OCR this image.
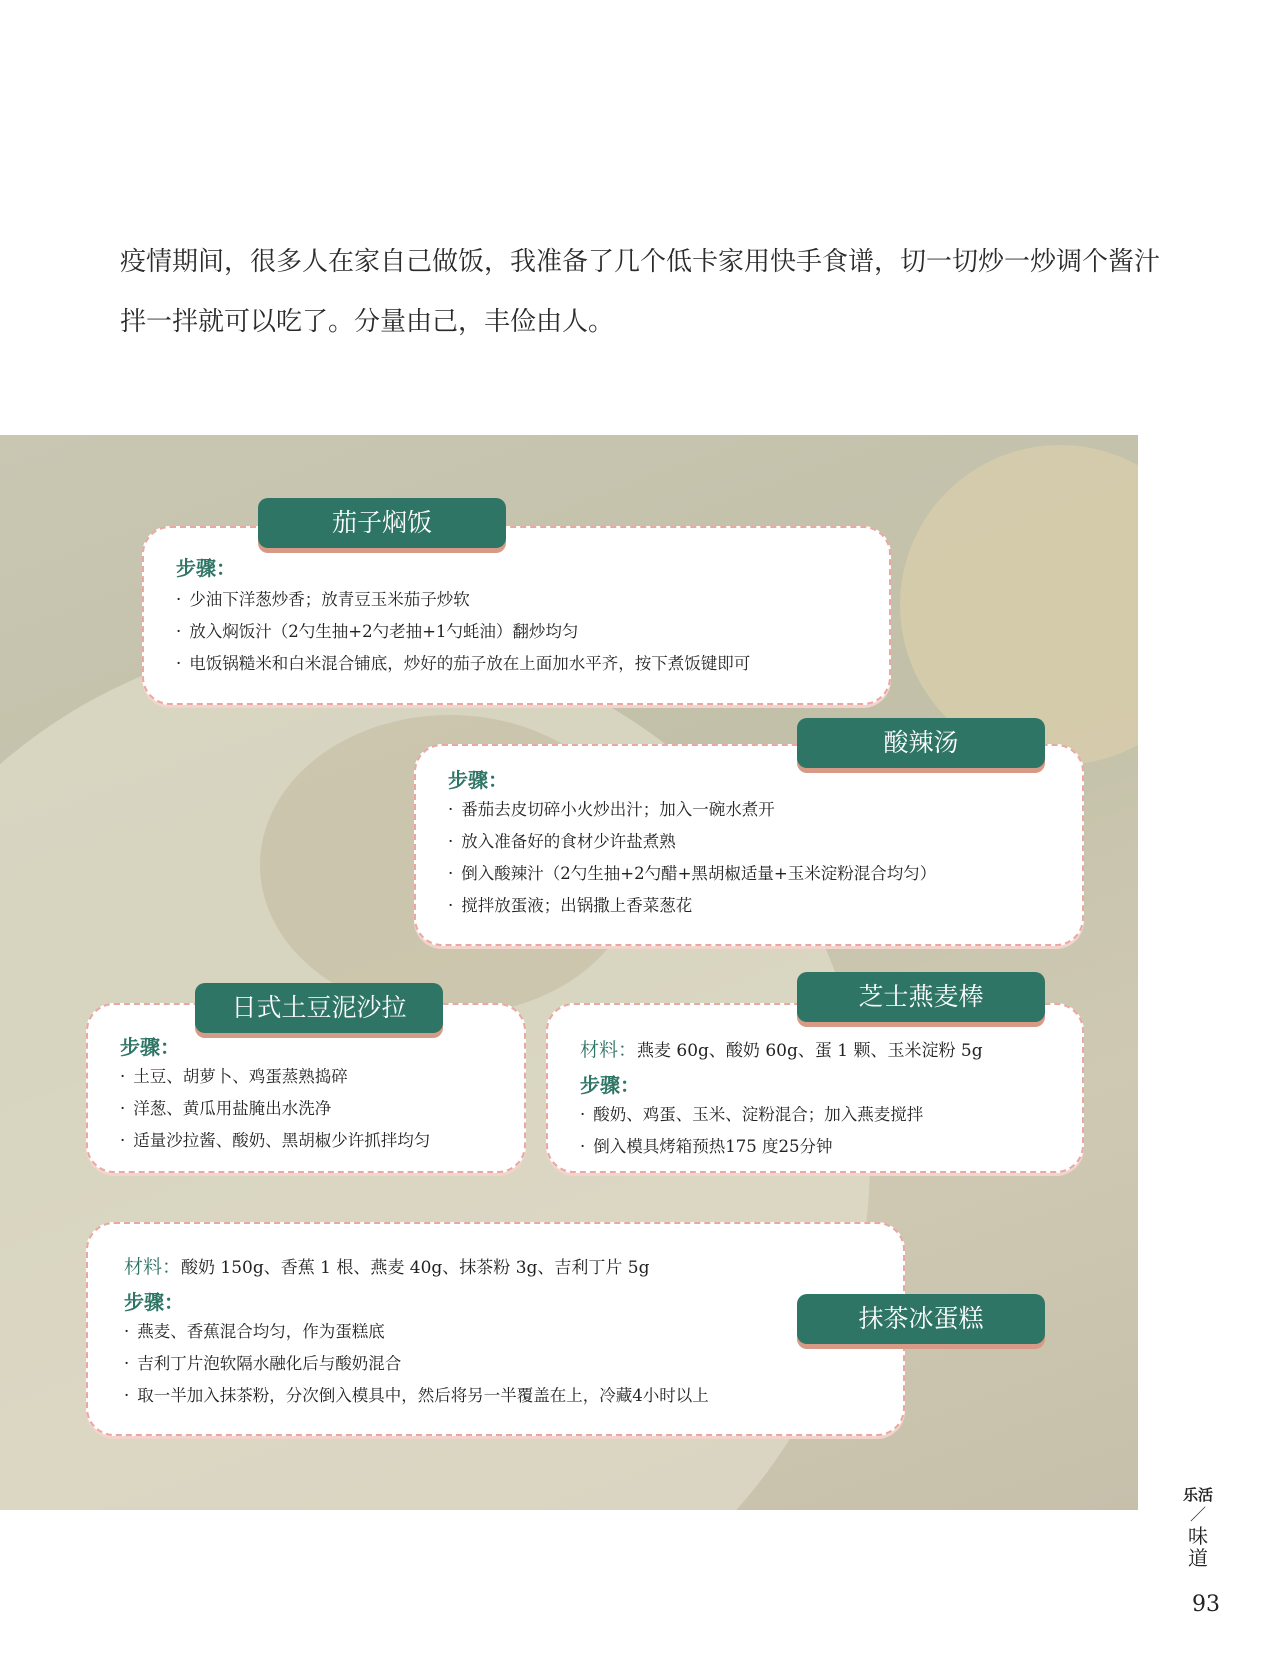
疫情期间，很多人在家自己做饭，我准备了几个低卡家用快手食谱，切一切炒一炒调个酱汁拌一拌就可以吃了。分量由己，丰俭由人。

步骤：
· 少油下洋葱炒香；放青豆玉米茄子炒软
· 放入焖饭汁（2勺生抽+2勺老抽+1勺蚝油）翻炒均匀
· 电饭锅糙米和白米混合铺底，炒好的茄子放在上面加水平齐，按下煮饭键即可
茄子焖饭
步骤：
· 番茄去皮切碎小火炒出汁；加入一碗水煮开
· 放入准备好的食材少许盐煮熟
· 倒入酸辣汁（2勺生抽+2勺醋+黑胡椒适量+玉米淀粉混合均匀）
· 搅拌放蛋液；出锅撒上香菜葱花
酸辣汤
步骤：
· 土豆、胡萝卜、鸡蛋蒸熟捣碎
· 洋葱、黄瓜用盐腌出水洗净
· 适量沙拉酱、酸奶、黑胡椒少许抓拌均匀
日式土豆泥沙拉
材料：燕麦 60g、酸奶 60g、蛋 1 颗、玉米淀粉 5g
步骤：
· 酸奶、鸡蛋、玉米、淀粉混合；加入燕麦搅拌
· 倒入模具烤箱预热175 度25分钟
芝士燕麦棒
材料：酸奶 150g、香蕉 1 根、燕麦 40g、抹茶粉 3g、吉利丁片 5g
步骤：
· 燕麦、香蕉混合均匀，作为蛋糕底
· 吉利丁片泡软隔水融化后与酸奶混合
· 取一半加入抹茶粉，分次倒入模具中，然后将另一半覆盖在上，冷藏4小时以上
抹茶冰蛋糕
乐活
／
味道
93
